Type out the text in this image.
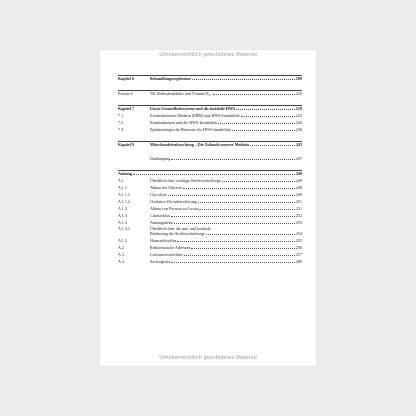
Urheberrechtlich geschütztes Material
Kapitel 6	Behandlungsergebnisse	209
Exkurs 6	NS, Reflexkrankheit und Vitamin B₁₂	216
Kapitel 7	Unser Gesundheitssystem und die instabile HWS	219
7.1	Evidenzbasierte Medizin (EBM) und HWS-Instabilität	223
7.2	Krankenkassen und die HWS-Instabilität	226
7.3	Epidemiologische Hinweise für HWS-Instabilität	236
Kapitel 8	Mitochondrienforschung – Die Zukunft unserer Medizin	243
Danksagung	247
Anhang	249
A 1	Überblick über wichtige Stoffwechselwege	249
A 1.1	Abbau der Glucose	249
A 1.1.1	Glycolyse	249
A 1.1.2	Oxidative Decarboxylierung	251
A 1.2	Abbau von Pyruvat zu Lactat	251
A 1.3	Citratzyklus	252
A 1.4	Atmungskette	253
A 1.4.1	Überblick über die ana- und katabole
Bedeutung der Stoffwechselwege	254
A 1.5	Harnstoffzyklus	255
A 2	Relativistische Adressen	256
A 3	Literaturverzeichnis	257
A 4	Sachregister	280
Urheberrechtlich geschütztes Material
